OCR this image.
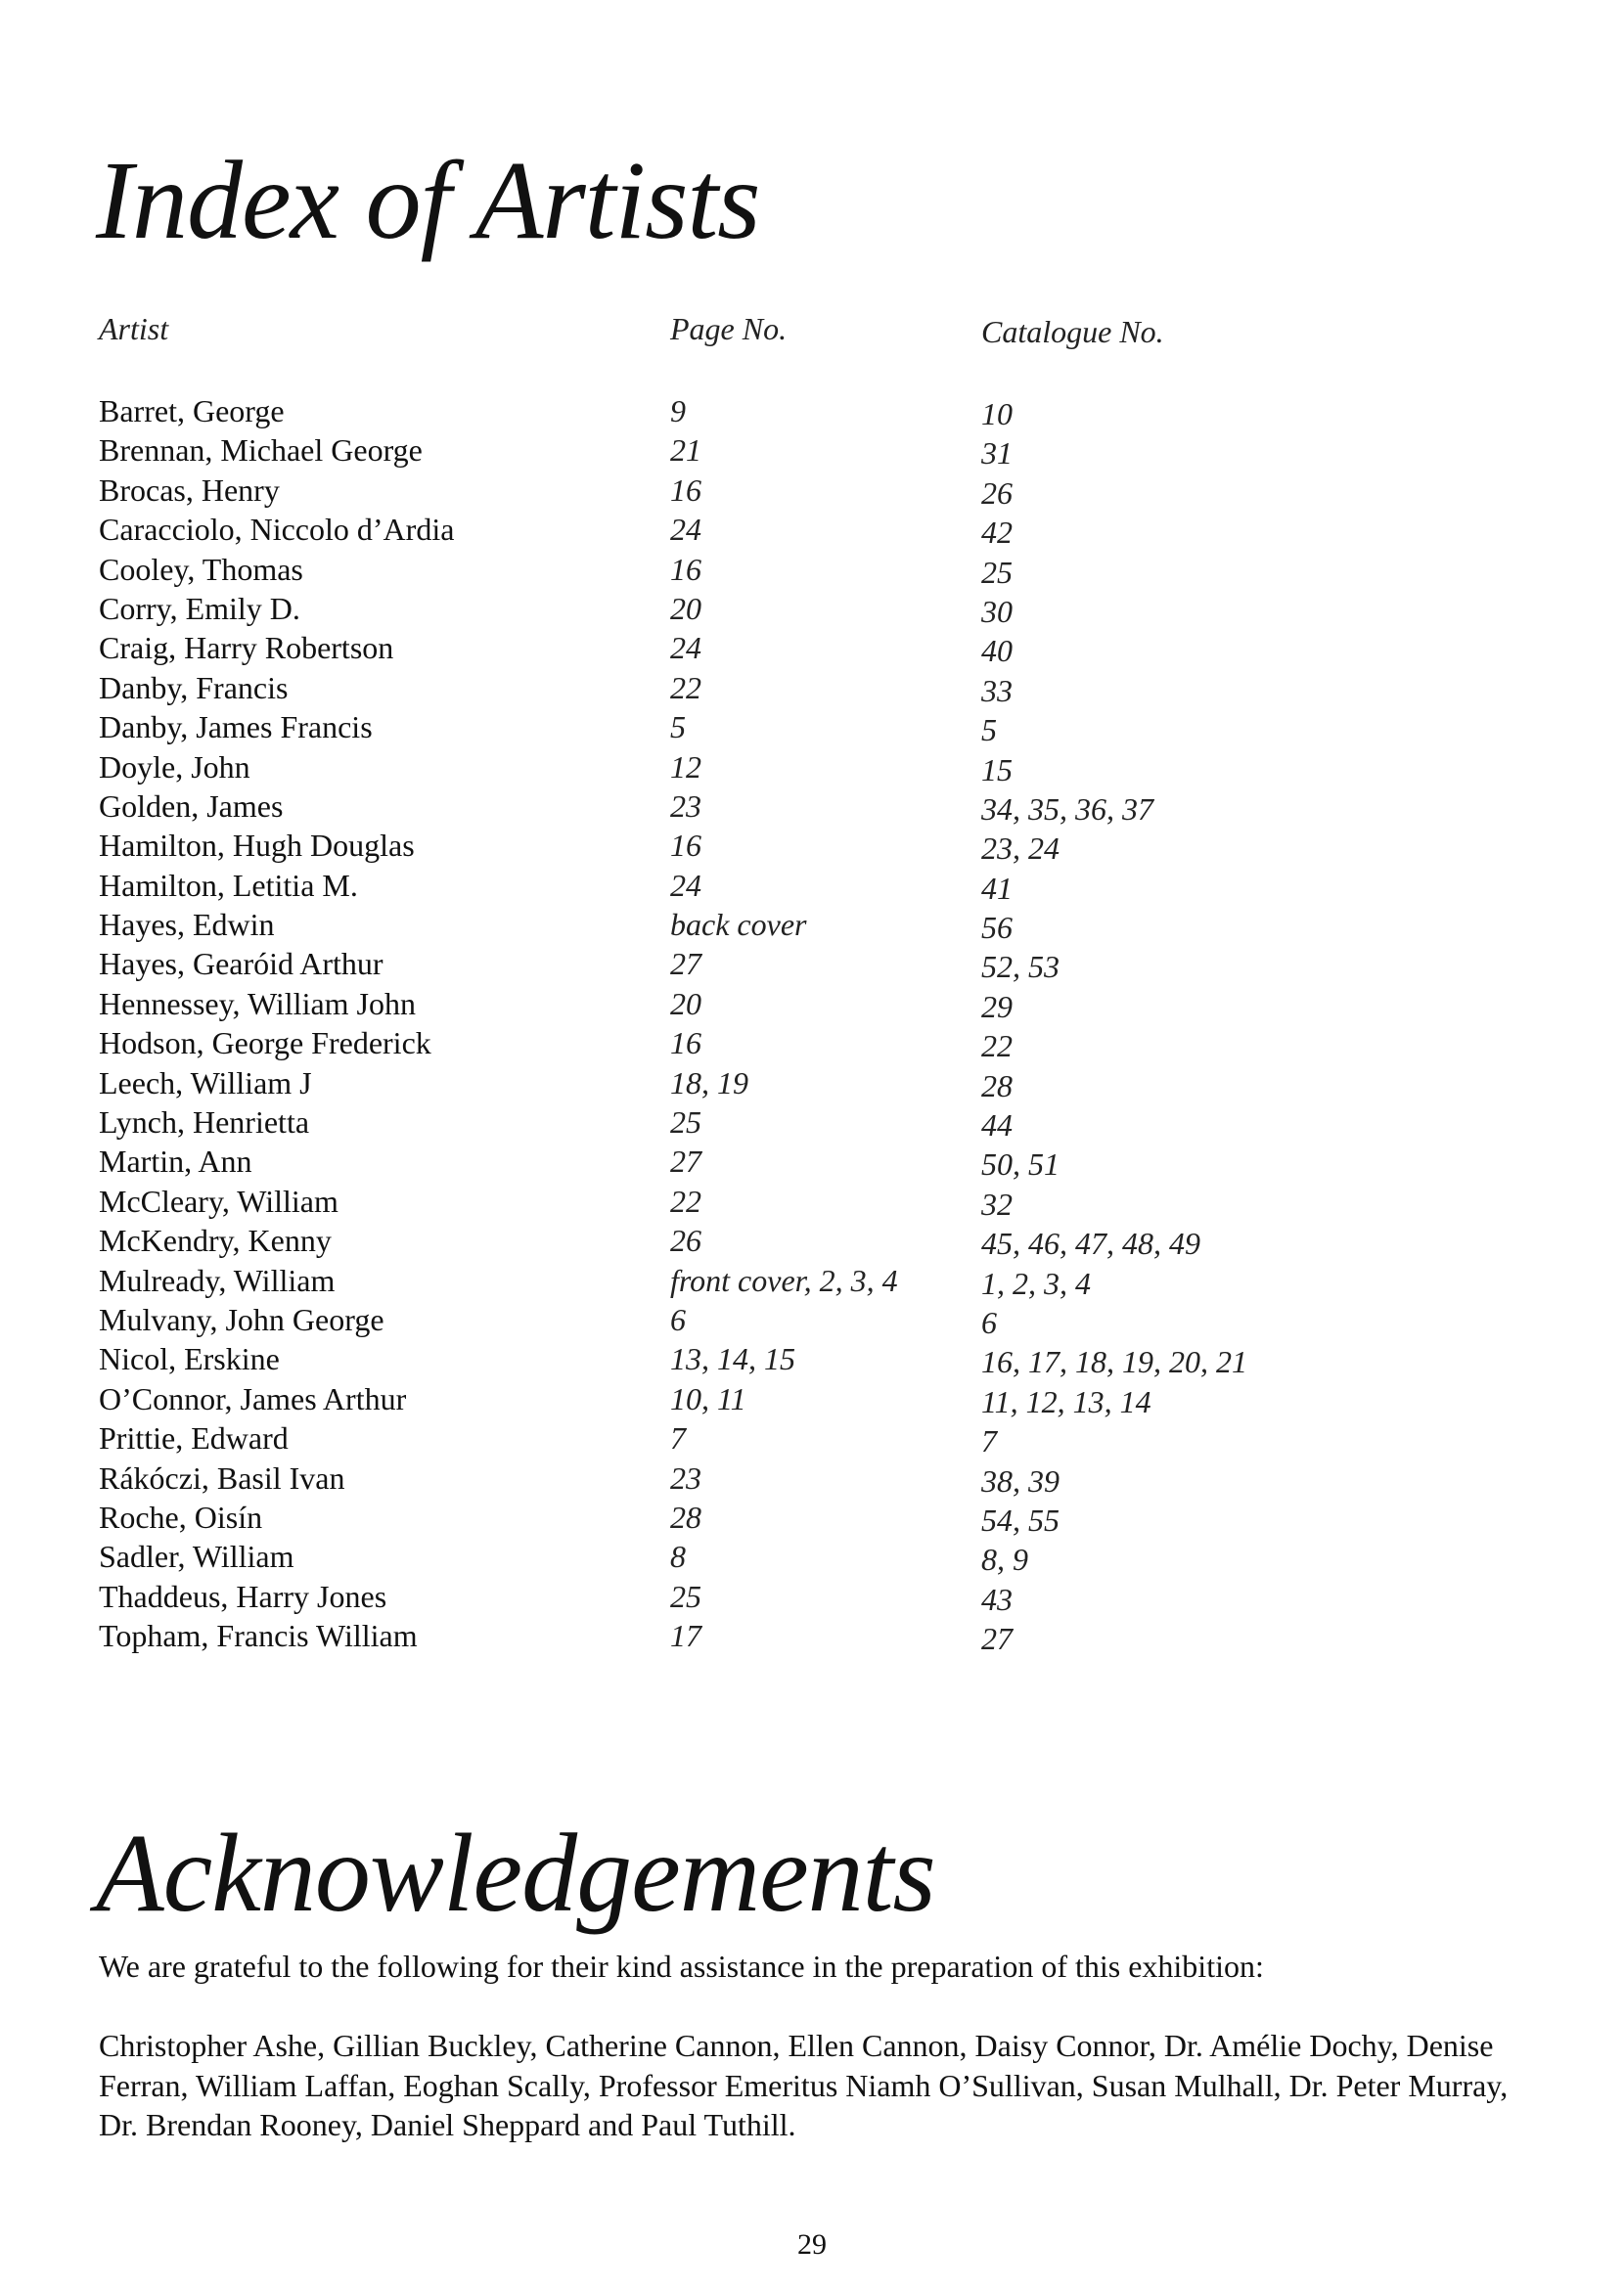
Index of Artists
Artist	Page No.	Catalogue No.
Barret, George	9	10
Brennan, Michael George	21	31
Brocas, Henry	16	26
Caracciolo, Niccolo d’Ardia	24	42
Cooley, Thomas	16	25
Corry, Emily D.	20	30
Craig, Harry Robertson	24	40
Danby, Francis	22	33
Danby, James Francis	5	5
Doyle, John	12	15
Golden, James	23	34, 35, 36, 37
Hamilton, Hugh Douglas	16	23, 24
Hamilton, Letitia M.	24	41
Hayes, Edwin	back cover	56
Hayes, Gearóid Arthur	27	52, 53
Hennessey, William John	20	29
Hodson, George Frederick	16	22
Leech, William J	18, 19	28
Lynch, Henrietta	25	44
Martin, Ann	27	50, 51
McCleary, William	22	32
McKendry, Kenny	26	45, 46, 47, 48, 49
Mulready, William	front cover, 2, 3, 4	1, 2, 3, 4
Mulvany, John George	6	6
Nicol, Erskine	13, 14, 15	16, 17, 18, 19, 20, 21
O’Connor, James Arthur	10, 11	11, 12, 13, 14
Prittie, Edward	7	7
Rákóczi, Basil Ivan	23	38, 39
Roche, Oisín	28	54, 55
Sadler, William	8	8, 9
Thaddeus, Harry Jones	25	43
Topham, Francis William	17	27
Acknowledgements

We are grateful to the following for their kind assistance in the preparation of this exhibition:

Christopher Ashe, Gillian Buckley, Catherine Cannon, Ellen Cannon, Daisy Connor, Dr. Amélie Dochy, Denise Ferran, William Laffan, Eoghan Scally, Professor Emeritus Niamh O’Sullivan, Susan Mulhall, Dr. Peter Murray, Dr. Brendan Rooney, Daniel Sheppard and Paul Tuthill.

29
